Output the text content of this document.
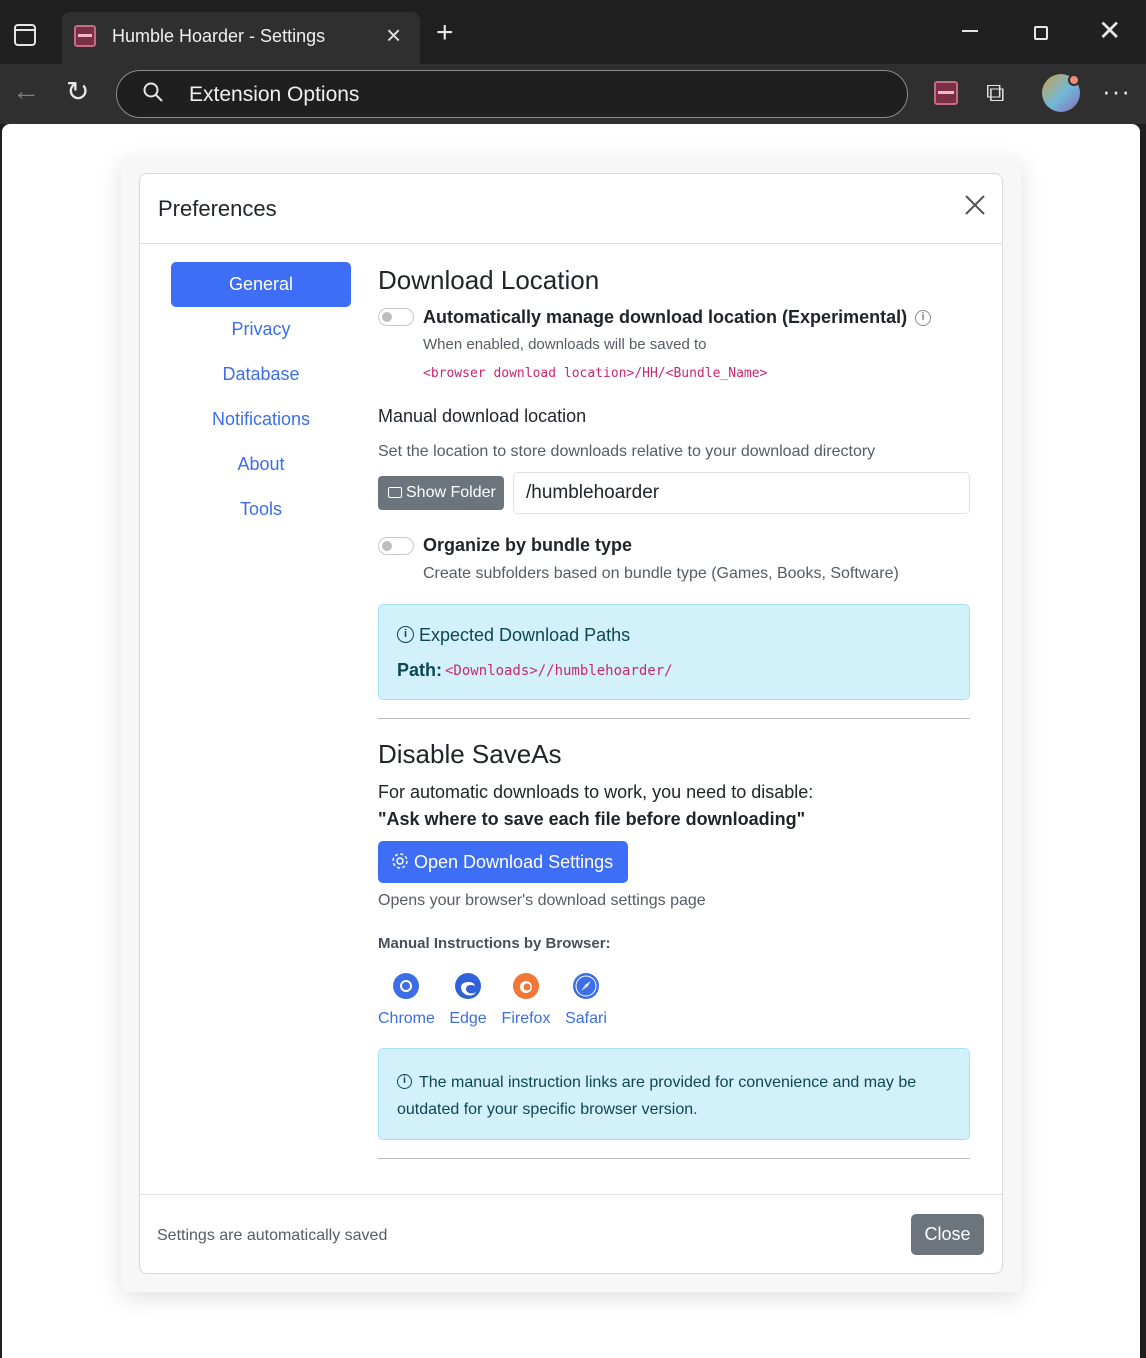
Humble Hoarder - Settings × +	✕
← ↻	Extension Options	⧉	···
Preferences
General
Privacy
Database
Notifications
About
Tools
Download Location
Automatically manage download location (Experimental)	i
When enabled, downloads will be saved to
<browser download location>/HH/<Bundle_Name>
Manual download location
Set the location to store downloads relative to your download directory
Show Folder
/humblehoarder
Organize by bundle type
Create subfolders based on bundle type (Games, Books, Software)
i Expected Download Paths
Path: <Downloads>//humblehoarder/
Disable SaveAs
For automatic downloads to work, you need to disable:
"Ask where to save each file before downloading"
Open Download Settings
Opens your browser's download settings page
Manual Instructions by Browser:
Chrome Edge Firefox Safari
i The manual instruction links are provided for convenience and may be outdated for your specific browser version.
Settings are automatically saved	Close
